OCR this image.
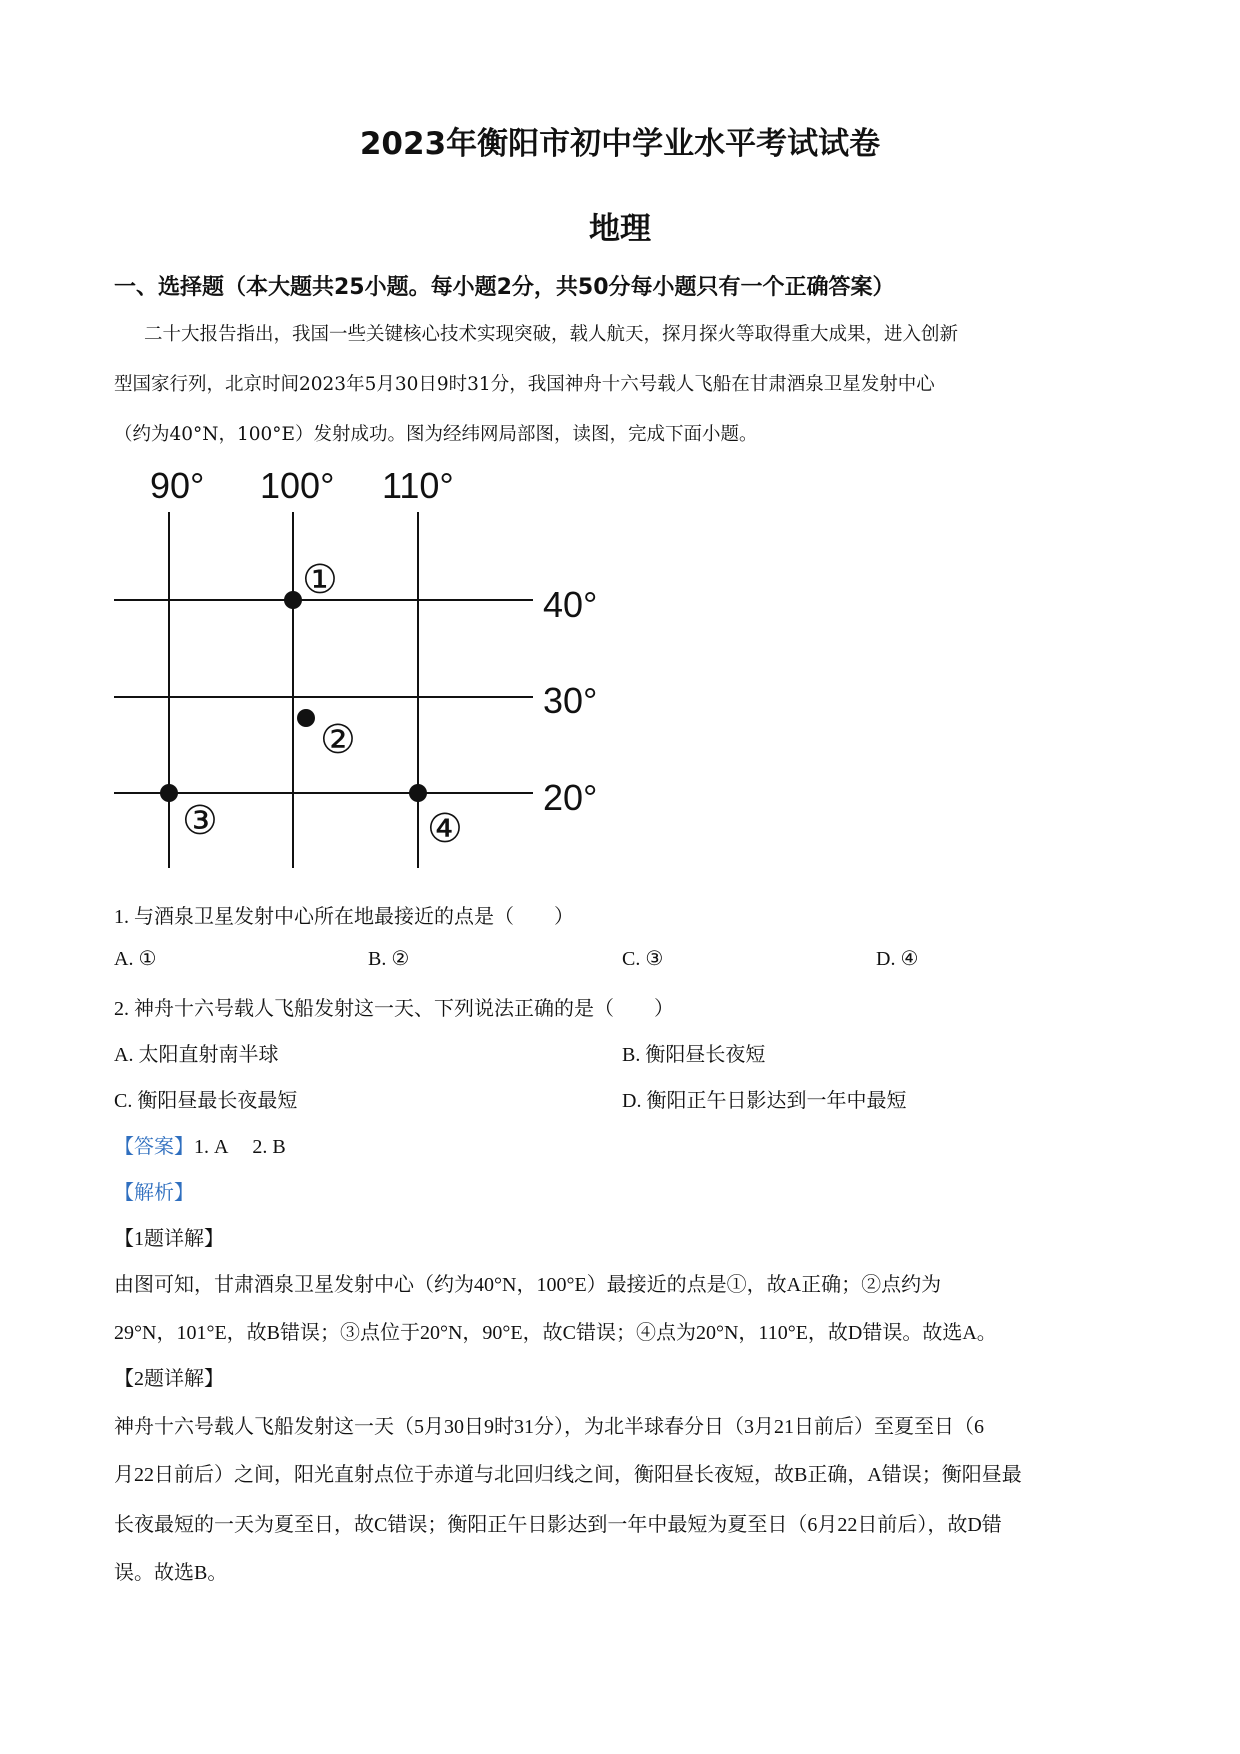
2023年衡阳市初中学业水平考试试卷
地理
一、选择题（本大题共25小题。每小题2分，共50分每小题只有一个正确答案）
二十大报告指出，我国一些关键核心技术实现突破，载人航天，探月探火等取得重大成果，进入创新
型国家行列，北京时间2023年5月30日9时31分，我国神舟十六号载人飞船在甘肃酒泉卫星发射中心
（约为40°N，100°E）发射成功。图为经纬网局部图，读图，完成下面小题。
90° 100° 110°
40°
30°
20°
①
②
③	④
1. 与酒泉卫星发射中心所在地最接近的点是（　　）
A. ①	B. ②	C. ③	D. ④
2. 神舟十六号载人飞船发射这一天、下列说法正确的是（　　）
A. 太阳直射南半球	B. 衡阳昼长夜短
C. 衡阳昼最长夜最短	D. 衡阳正午日影达到一年中最短
【答案】1. A　 2. B
【解析】
【1题详解】
由图可知，甘肃酒泉卫星发射中心（约为40°N，100°E）最接近的点是①，故A正确；②点约为
29°N，101°E，故B错误；③点位于20°N，90°E，故C错误；④点为20°N，110°E，故D错误。故选A。
【2题详解】
神舟十六号载人飞船发射这一天（5月30日9时31分），为北半球春分日（3月21日前后）至夏至日（6
月22日前后）之间，阳光直射点位于赤道与北回归线之间，衡阳昼长夜短，故B正确，A错误；衡阳昼最
长夜最短的一天为夏至日，故C错误；衡阳正午日影达到一年中最短为夏至日（6月22日前后），故D错
误。故选B。
